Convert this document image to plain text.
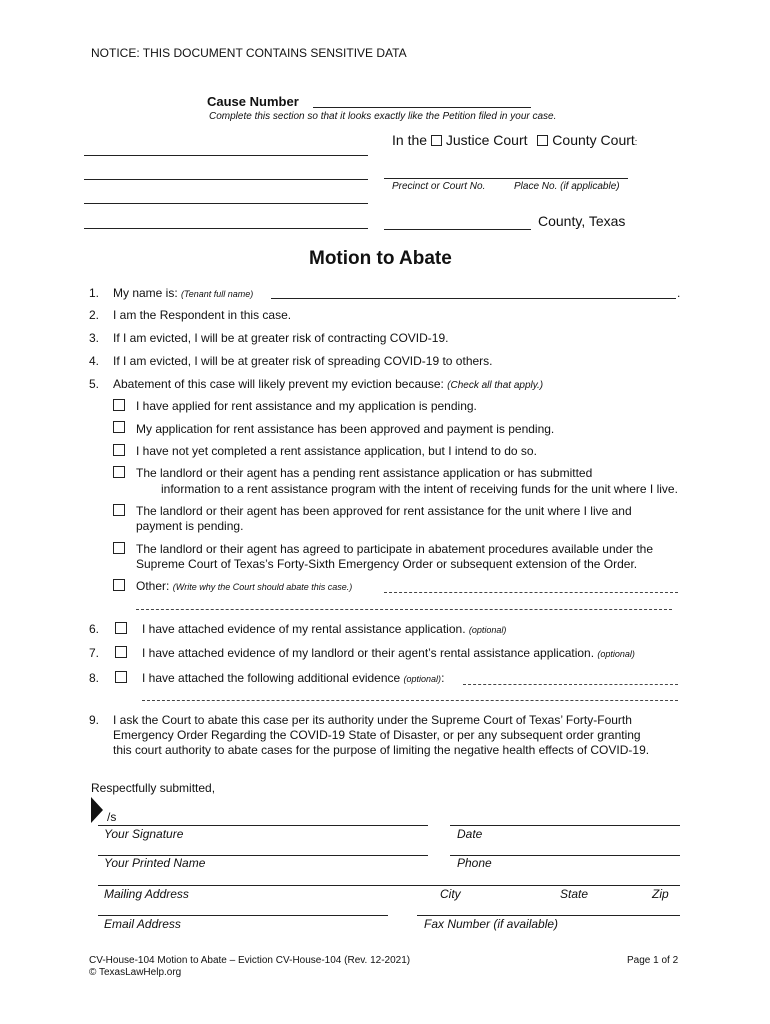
NOTICE: THIS DOCUMENT CONTAINS SENSITIVE DATA
Cause Number
Complete this section so that it looks exactly like the Petition filed in your case.
In the Justice Court County Court:
Precinct or Court No.	Place No. (if applicable)
County, Texas
Motion to Abate
1. My name is: (Tenant full name)	.
2. I am the Respondent in this case.
3. If I am evicted, I will be at greater risk of contracting COVID-19.
4. If I am evicted, I will be at greater risk of spreading COVID-19 to others.
5. Abatement of this case will likely prevent my eviction because: (Check all that apply.)
I have applied for rent assistance and my application is pending.
My application for rent assistance has been approved and payment is pending.
I have not yet completed a rent assistance application, but I intend to do so.
The landlord or their agent has a pending rent assistance application or has submitted
information to a rent assistance program with the intent of receiving funds for the unit where I live.
The landlord or their agent has been approved for rent assistance for the unit where I live and
payment is pending.
The landlord or their agent has agreed to participate in abatement procedures available under the
Supreme Court of Texas’s Forty-Sixth Emergency Order or subsequent extension of the Order.
Other: (Write why the Court should abate this case.)
6.	I have attached evidence of my rental assistance application. (optional)
7.	I have attached evidence of my landlord or their agent’s rental assistance application. (optional)
8.	I have attached the following additional evidence (optional):
9. I ask the Court to abate this case per its authority under the Supreme Court of Texas’ Forty-Fourth
Emergency Order Regarding the COVID-19 State of Disaster, or per any subsequent order granting
this court authority to abate cases for the purpose of limiting the negative health effects of COVID-19.
Respectfully submitted,
/s
Your Signature	Date
Your Printed Name	Phone
Mailing Address	City	State	Zip
Email Address	Fax Number (if available)
CV-House-104 Motion to Abate – Eviction CV-House-104 (Rev. 12-2021)
© TexasLawHelp.org
Page 1 of 2
